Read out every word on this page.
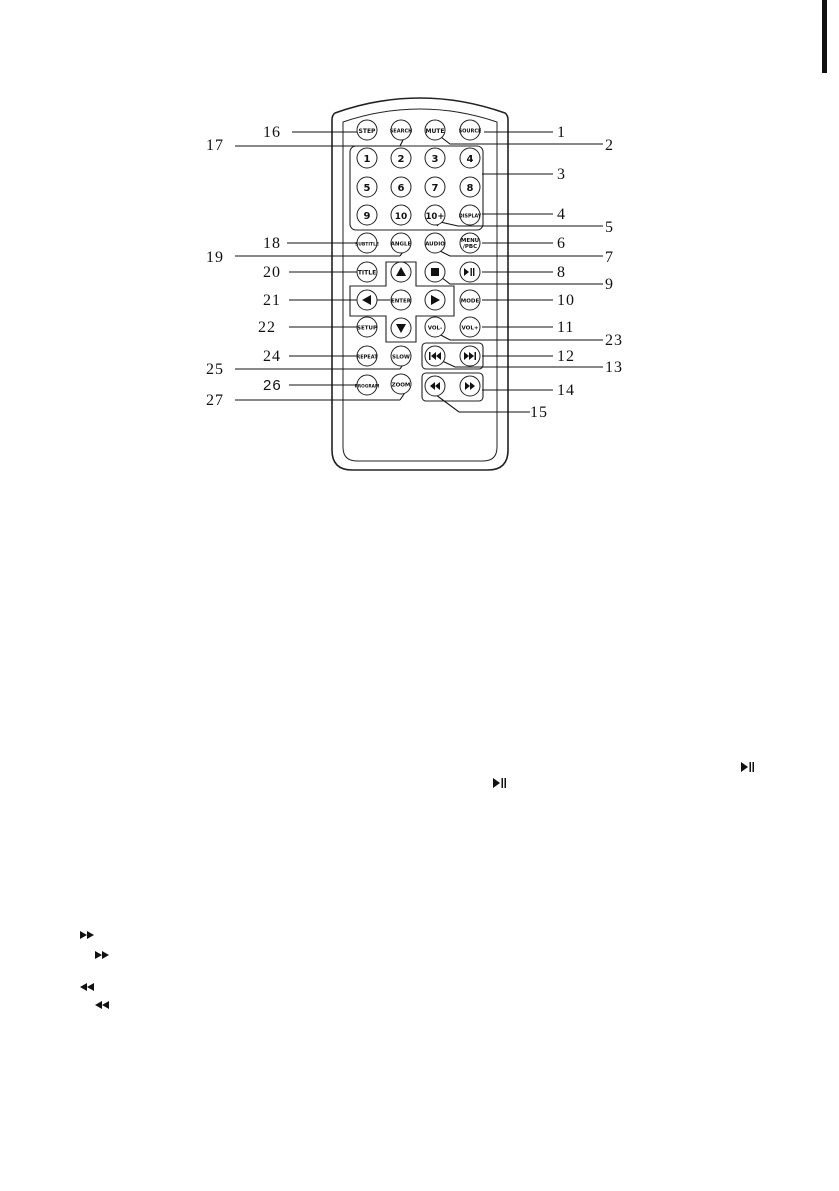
STEP	SEARCH MUTE	SOURCE
1	2	3	4
5	6	7	8
9	10 10+	DISPLAY
SUBTITLE ANGLE	AUDIO
MENU
/PBC
TITLE
ENTER	MODE
SETUP	VOL-	VOL+
REPEAT	SLOW
PROGRAM ZOOM
16
17
1
2
3
4
5
18
19
6
7
20	8
9
21	10
22	11
23
24	12
25	13
26	14
27
15
